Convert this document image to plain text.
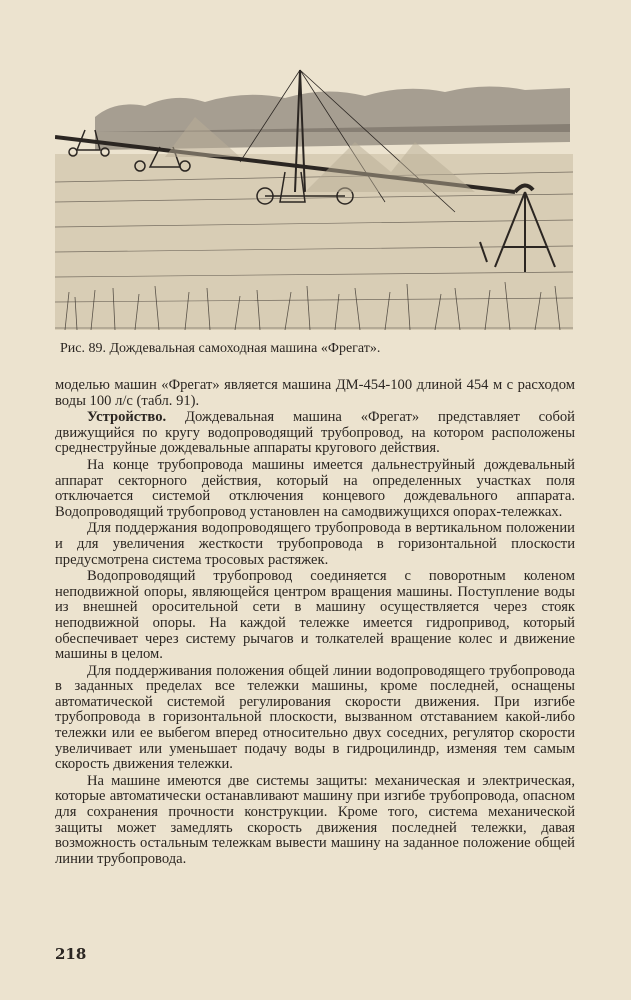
Рис. 89. Дождевальная самоходная машина «Фрегат».

моделью машин «Фрегат» является машина ДМ-454-100 длиной 454 м с расходом воды 100 л/с (табл. 91).

Устройство. Дождевальная машина «Фрегат» представляет собой движущийся по кругу водопроводящий трубопровод, на котором расположены среднеструйные дождевальные аппараты кругового действия.

На конце трубопровода машины имеется дальнеструйный дождевальный аппарат секторного действия, который на определенных участках поля отключается системой отключения концевого дождевального аппарата. Водопроводящий трубопровод установлен на самодвижущихся опорах-тележках.

Для поддержания водопроводящего трубопровода в вертикальном положении и для увеличения жесткости трубопровода в горизонтальной плоскости предусмотрена система тросовых растяжек.

Водопроводящий трубопровод соединяется с поворотным коленом неподвижной опоры, являющейся центром вращения машины. Поступление воды из внешней оросительной сети в машину осуществляется через стояк неподвижной опоры. На каждой тележке имеется гидропривод, который обеспечивает через систему рычагов и толкателей вращение колес и движение машины в целом.

Для поддерживания положения общей линии водопроводящего трубопровода в заданных пределах все тележки машины, кроме последней, оснащены автоматической системой регулирования скорости движения. При изгибе трубопровода в горизонтальной плоскости, вызванном отставанием какой-либо тележки или ее выбегом вперед относительно двух соседних, регулятор скорости увеличивает или уменьшает подачу воды в гидроцилиндр, изменяя тем самым скорость движения тележки.

На машине имеются две системы защиты: механическая и электрическая, которые автоматически останавливают машину при изгибе трубопровода, опасном для сохранения прочности конструкции. Кроме того, система механической защиты может замедлять скорость движения последней тележки, давая возможность остальным тележкам вывести машину на заданное положение общей линии трубопровода.

218
